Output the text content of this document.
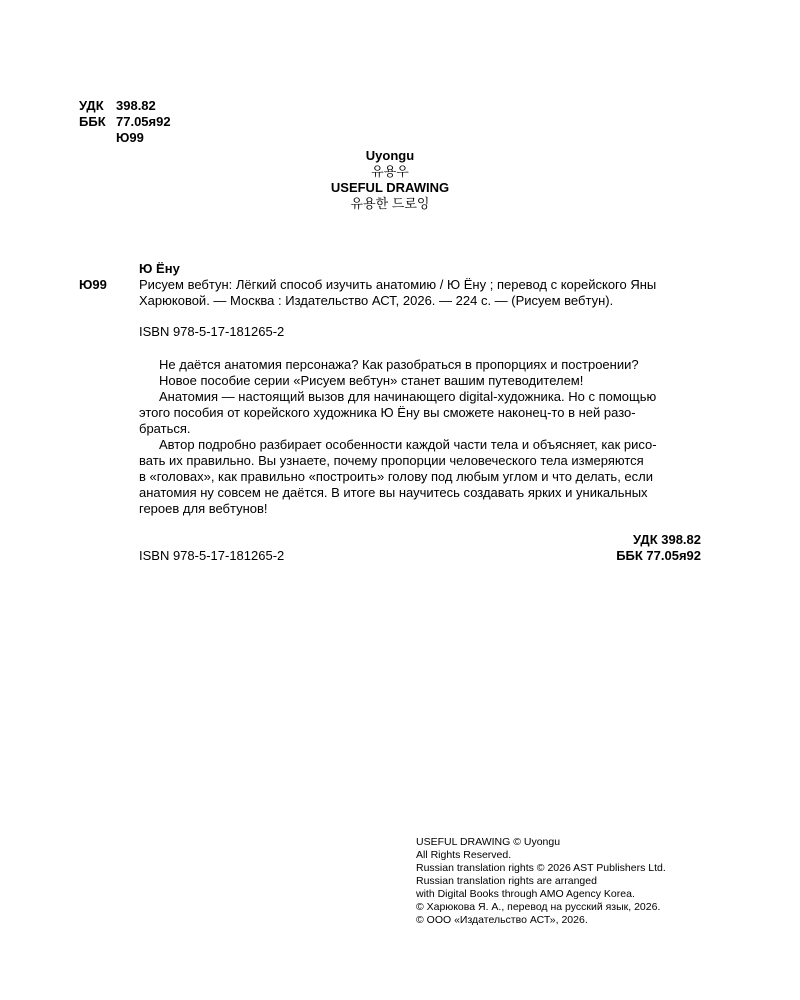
УДК 398.82
ББК 77.05я92
Ю99
Uyongu
유용우
USEFUL DRAWING
유용한 드로잉
Ю Ёну
Ю99 Рисуем вебтун: Лёгкий способ изучить анатомию / Ю Ёну ; перевод с корейского Яны
Харюковой. — Москва : Издательство АСТ, 2026. — 224 с. — (Рисуем вебтун).
ISBN 978-5-17-181265-2

Не даётся анатомия персонажа? Как разобраться в пропорциях и построении?

Новое пособие серии «Рисуем вебтун» станет вашим путеводителем!

Анатомия — настоящий вызов для начинающего digital-художника. Но с помощью

этого пособия от корейского художника Ю Ёну вы сможете наконец-то в ней разо-
браться.

Автор подробно разбирает особенности каждой части тела и объясняет, как рисо-

вать их правильно. Вы узнаете, почему пропорции человеческого тела измеряются
в «головах», как правильно «построить» голову под любым углом и что делать, если
анатомия ну совсем не даётся. В итоге вы научитесь создавать ярких и уникальных
героев для вебтунов!
УДК 398.82
ББК 77.05я92
ISBN 978-5-17-181265-2
USEFUL DRAWING © Uyongu
All Rights Reserved.
Russian translation rights © 2026 AST Publishers Ltd.
Russian translation rights are arranged
with Digital Books through AMO Agency Korea.
© Харюкова Я. А., перевод на русский язык, 2026.
© ООО «Издательство АСТ», 2026.
